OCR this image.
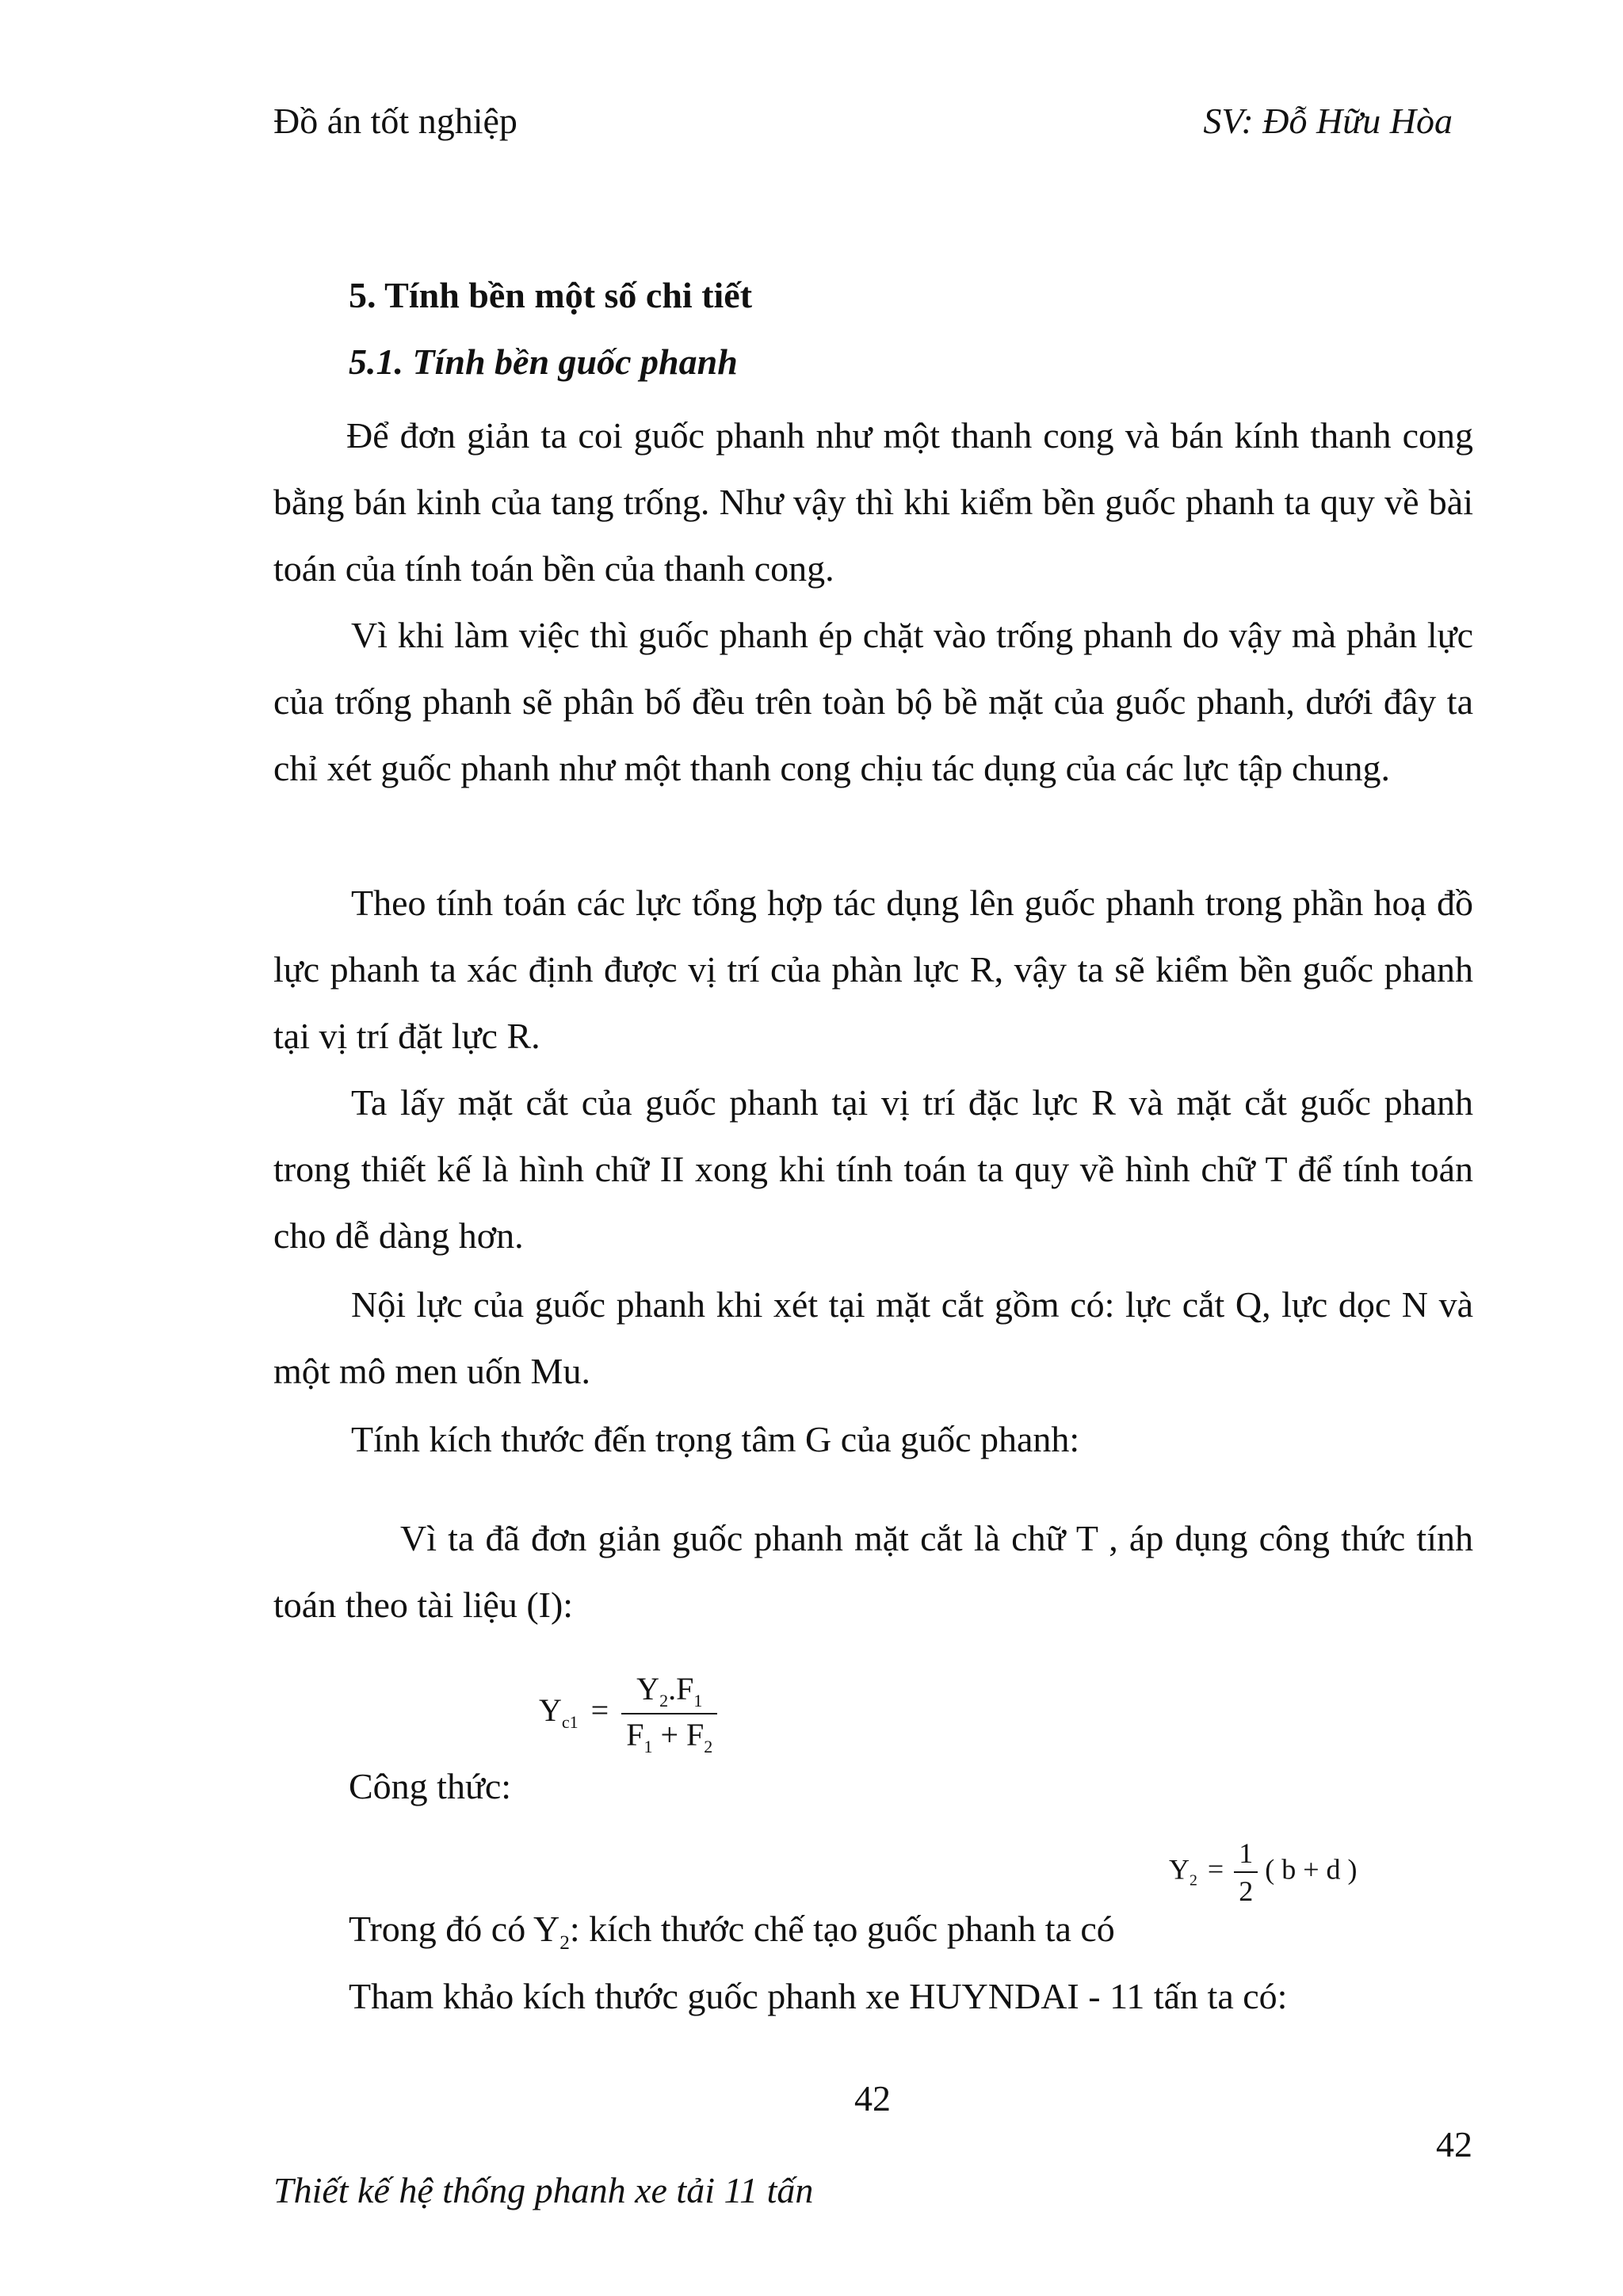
Đồ án tốt nghiệp	SV: Đỗ Hữu Hòa
5. Tính bền một số chi tiết
5.1. Tính bền guốc phanh

Để đơn giản ta coi guốc phanh như một thanh cong và bán kính thanh cong bằng bán kinh của tang trống. Như vậy thì khi kiểm bền guốc phanh ta quy về bài toán của tính toán bền của thanh cong.

Vì khi làm việc thì guốc phanh ép chặt vào trống phanh do vậy mà phản lực của trống phanh sẽ phân bố đều trên toàn bộ bề mặt của guốc phanh, dưới đây ta chỉ xét guốc phanh như một thanh cong chịu tác dụng của các lực tập chung.

Theo tính toán các lực tổng hợp tác dụng lên guốc phanh trong phần hoạ đồ lực phanh ta xác định được vị trí của phàn lực R, vậy ta sẽ kiểm bền guốc phanh tại vị trí đặt lực R.

Ta lấy mặt cắt của guốc phanh tại vị trí đặc lực R và mặt cắt guốc phanh trong thiết kế là hình chữ II xong khi tính toán ta quy về hình chữ T để tính toán cho dễ dàng hơn.

Nội lực của guốc phanh khi xét tại mặt cắt gồm có: lực cắt Q, lực dọc N và một mô men uốn Mu.

Tính kích thước đến trọng tâm G của guốc phanh:

Vì ta đã đơn giản guốc phanh mặt cắt là chữ T , áp dụng công thức tính toán theo tài liệu (I):

$Y_{c1} = \frac{Y_2.F_1}{F_1 + F_2}$
Công thức:
$Y_2 = \frac{1}{2}$ ( b + d )
Trong đó có $Y_2$: kích thước chế tạo guốc phanh ta có
Tham khảo kích thước guốc phanh xe HUYNDAI - 11 tấn ta có:
42
42
Thiết kế hệ thống phanh xe tải 11 tấn
